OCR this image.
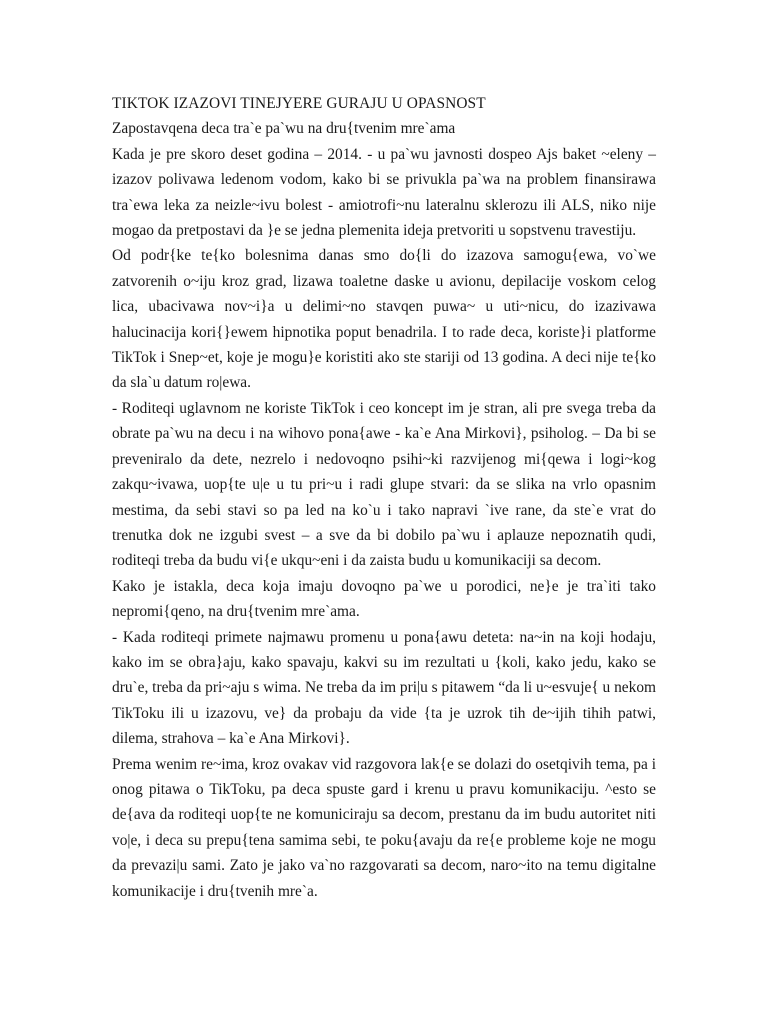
TIKTOK IZAZOVI TINEJYERE GURAJU U OPASNOST
Zapostavqena deca tra`e pa`wu na dru{tvenim mre`ama

Kada je pre skoro deset godina – 2014. - u pa`wu javnosti dospeo Ajs baket ~eleny – izazov polivawa ledenom vodom, kako bi se privukla pa`wa na problem finansirawa tra`ewa leka za neizle~ivu bolest - amiotrofi~nu lateralnu sklerozu ili ALS, niko nije mogao da pretpostavi da }e se jedna plemenita ideja pretvoriti u sopstvenu travestiju.

Od podr{ke te{ko bolesnima danas smo do{li do izazova samogu{ewa, vo`we zatvorenih o~iju kroz grad, lizawa toaletne daske u avionu, depilacije voskom celog lica, ubacivawa nov~i}a u delimi~no stavqen puwa~ u uti~nicu, do izazivawa halucinacija kori{}ewem hipnotika poput benadrila. I to rade deca, koriste}i platforme TikTok i Snep~et, koje je mogu}e koristiti ako ste stariji od 13 godina. A deci nije te{ko da sla`u datum ro|ewa.

- Roditeqi uglavnom ne koriste TikTok i ceo koncept im je stran, ali pre svega treba da obrate pa`wu na decu i na wihovo pona{awe - ka`e Ana Mirkovi}, psiholog. – Da bi se preveniralo da dete, nezrelo i nedovoqno psihi~ki razvijenog mi{qewa i logi~kog zakqu~ivawa, uop{te u|e u tu pri~u i radi glupe stvari: da se slika na vrlo opasnim mestima, da sebi stavi so pa led na ko`u i tako napravi `ive rane, da ste`e vrat do trenutka dok ne izgubi svest – a sve da bi dobilo pa`wu i aplauze nepoznatih qudi, roditeqi treba da budu vi{e ukqu~eni i da zaista budu u komunikaciji sa decom.

Kako je istakla, deca koja imaju dovoqno pa`we u porodici, ne}e je tra`iti tako nepromi{qeno, na dru{tvenim mre`ama.

- Kada roditeqi primete najmawu promenu u pona{awu deteta: na~in na koji hodaju, kako im se obra}aju, kako spavaju, kakvi su im rezultati u {koli, kako jedu, kako se dru`e, treba da pri~aju s wima. Ne treba da im pri|u s pitawem “da li u~esvuje{ u nekom TikToku ili u izazovu, ve} da probaju da vide {ta je uzrok tih de~ijih tihih patwi, dilema, strahova – ka`e Ana Mirkovi}.

Prema wenim re~ima, kroz ovakav vid razgovora lak{e se dolazi do osetqivih tema, pa i onog pitawa o TikToku, pa deca spuste gard i krenu u pravu komunikaciju. ^esto se de{ava da roditeqi uop{te ne komuniciraju sa decom, prestanu da im budu autoritet niti vo|e, i deca su prepu{tena samima sebi, te poku{avaju da re{e probleme koje ne mogu da prevazi|u sami. Zato je jako va`no razgovarati sa decom, naro~ito na temu digitalne komunikacije i dru{tvenih mre`a.
